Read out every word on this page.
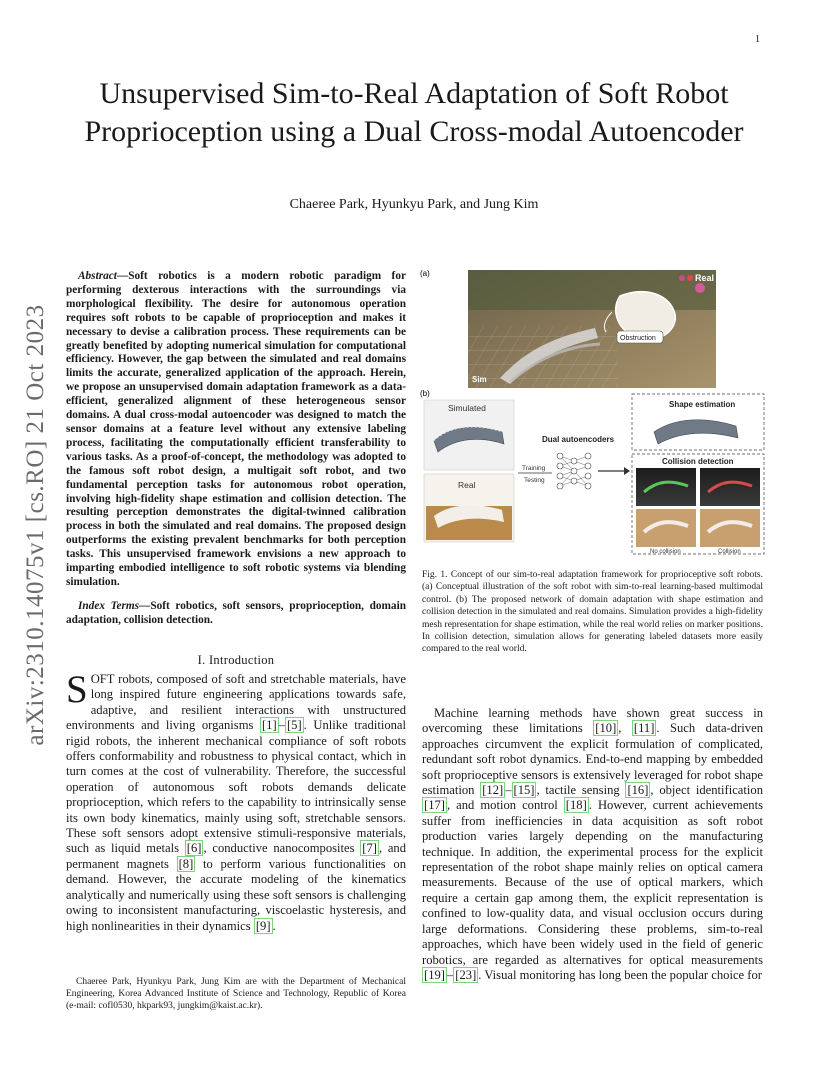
1
arXiv:2310.14075v1 [cs.RO] 21 Oct 2023
Unsupervised Sim-to-Real Adaptation of Soft Robot Proprioception using a Dual Cross-modal Autoencoder
Chaeree Park, Hyunkyu Park, and Jung Kim

Abstract—Soft robotics is a modern robotic paradigm for performing dexterous interactions with the surroundings via morphological flexibility. The desire for autonomous operation requires soft robots to be capable of proprioception and makes it necessary to devise a calibration process. These requirements can be greatly benefited by adopting numerical simulation for computational efficiency. However, the gap between the simulated and real domains limits the accurate, generalized application of the approach. Herein, we propose an unsupervised domain adaptation framework as a data-efficient, generalized alignment of these heterogeneous sensor domains. A dual cross-modal autoencoder was designed to match the sensor domains at a feature level without any extensive labeling process, facilitating the computationally efficient transferability to various tasks. As a proof-of-concept, the methodology was adopted to the famous soft robot design, a multigait soft robot, and two fundamental perception tasks for autonomous robot operation, involving high-fidelity shape estimation and collision detection. The resulting perception demonstrates the digital-twinned calibration process in both the simulated and real domains. The proposed design outperforms the existing prevalent benchmarks for both perception tasks. This unsupervised framework envisions a new approach to imparting embodied intelligence to soft robotic systems via blending simulation.

Index Terms—Soft robotics, soft sensors, proprioception, domain adaptation, collision detection.

I. Introduction

SOFT robots, composed of soft and stretchable materials, have long inspired future engineering applications towards safe, adaptive, and resilient interactions with unstructured environments and living organisms [1] – [5] . Unlike traditional rigid robots, the inherent mechanical compliance of soft robots offers conformability and robustness to physical contact, which in turn comes at the cost of vulnerability. Therefore, the successful operation of autonomous soft robots demands delicate proprioception, which refers to the capability to intrinsically sense its own body kinematics, mainly using soft, stretchable sensors. These soft sensors adopt extensive stimuli-responsive materials, such as liquid metals [6] , conductive nanocomposites [7] , and permanent magnets [8] to perform various functionalities on demand. However, the accurate modeling of the kinematics analytically and numerically using these soft sensors is challenging owing to inconsistent manufacturing, viscoelastic hysteresis, and high nonlinearities in their dynamics [9] .

Chaeree Park, Hyunkyu Park, Jung Kim are with the Department of Mechanical Engineering, Korea Advanced Institute of Science and Technology, Republic of Korea (e-mail: cofl0530, hkpark93, jungkim@kaist.ac.kr).

Machine learning methods have shown great success in overcoming these limitations [10] , [11] . Such data-driven approaches circumvent the explicit formulation of complicated, redundant soft robot dynamics. End-to-end mapping by embedded soft proprioceptive sensors is extensively leveraged for robot shape estimation [12] – [15] , tactile sensing [16] , object identification [17] , and motion control [18] . However, current achievements suffer from inefficiencies in data acquisition as soft robot production varies largely depending on the manufacturing technique. In addition, the experimental process for the explicit representation of the robot shape mainly relies on optical camera measurements. Because of the use of optical markers, which require a certain gap among them, the explicit representation is confined to low-quality data, and visual occlusion occurs during large deformations. Considering these problems, sim-to-real approaches, which have been widely used in the field of generic robotics, are regarded as alternatives for optical measurements [19] – [23] . Visual monitoring has long been the popular choice for

(a)	Real
Obstruction
Sim
(b)
Simulated
Real
Dual autoencoders
Training
Testing
Shape estimation
Collision detection
No collision	Collision

Fig. 1. Concept of our sim-to-real adaptation framework for proprioceptive soft robots. (a) Conceptual illustration of the soft robot with sim-to-real learning-based multimodal control. (b) The proposed network of domain adaptation with shape estimation and collision detection in the simulated and real domains. Simulation provides a high-fidelity mesh representation for shape estimation, while the real world relies on marker positions. In collision detection, simulation allows for generating labeled datasets more easily compared to the real world.
